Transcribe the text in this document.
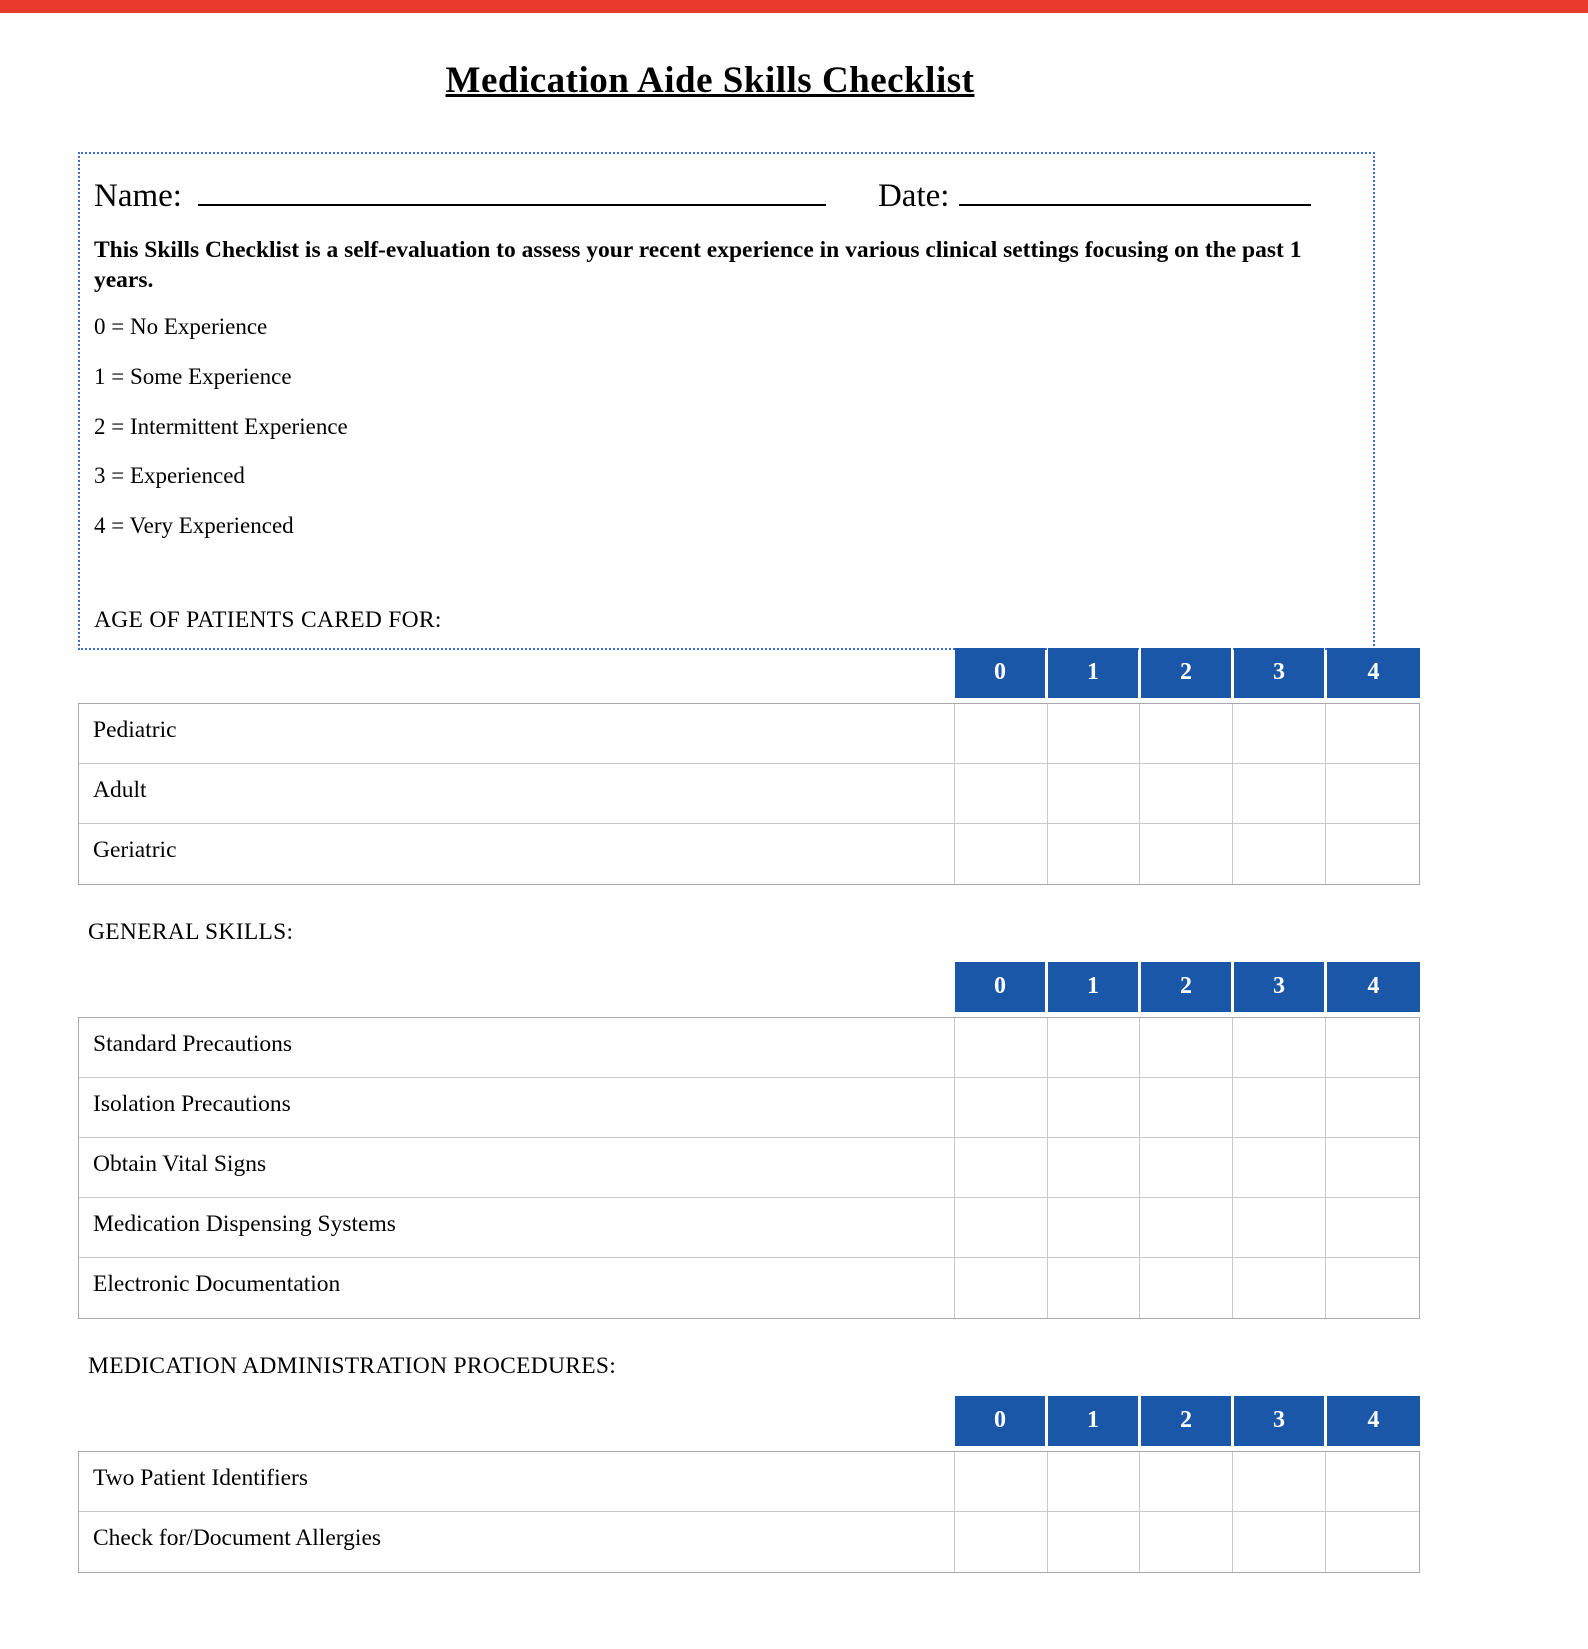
Medication Aide Skills Checklist
Name:	Date:
This Skills Checklist is a self-evaluation to assess your recent experience in various clinical settings focusing on the past 1 years.
0 = No Experience
1 = Some Experience
2 = Intermittent Experience
3 = Experienced
4 = Very Experienced
AGE OF PATIENTS CARED FOR:
0	1	2	3	4
Pediatric
Adult
Geriatric
GENERAL SKILLS:
0	1	2	3	4
Standard Precautions
Isolation Precautions
Obtain Vital Signs
Medication Dispensing Systems
Electronic Documentation
MEDICATION ADMINISTRATION PROCEDURES:
0	1	2	3	4
Two Patient Identifiers
Check for/Document Allergies
